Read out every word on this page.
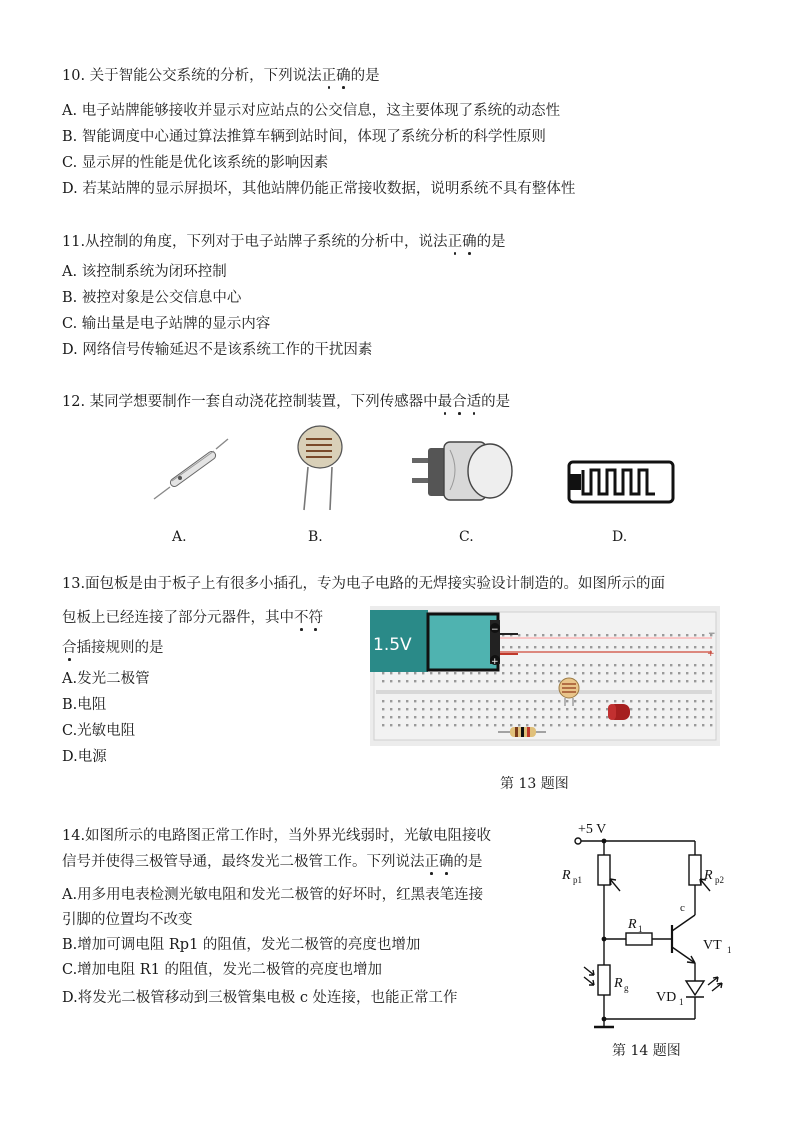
10. 关于智能公交系统的分析，下列说法正确的是
A. 电子站牌能够接收并显示对应站点的公交信息，这主要体现了系统的动态性
B. 智能调度中心通过算法推算车辆到站时间，体现了系统分析的科学性原则
C. 显示屏的性能是优化该系统的影响因素
D. 若某站牌的显示屏损坏，其他站牌仍能正常接收数据，说明系统不具有整体性
11.从控制的角度，下列对于电子站牌子系统的分析中，说法正确的是
A. 该控制系统为闭环控制
B. 被控对象是公交信息中心
C. 输出量是电子站牌的显示内容
D. 网络信号传输延迟不是该系统工作的干扰因素
12. 某同学想要制作一套自动浇花控制装置，下列传感器中最合适的是
A.	B.	C.	D.
13.面包板是由于板子上有很多小插孔，专为电子电路的无焊接实验设计制造的。如图所示的面
包板上已经连接了部分元器件，其中不符
合插接规则的是
A.发光二极管
B.电阻
C.光敏电阻
D.电源
1.5V
−
+
−
+
第 13 题图
14.如图所示的电路图正常工作时，当外界光线弱时，光敏电阻接收
信号并使得三极管导通，最终发光二极管工作。下列说法正确的是
A.用多用电表检测光敏电阻和发光二极管的好坏时，红黑表笔连接
引脚的位置均不改变
B.增加可调电阻 Rp1 的阻值，发光二极管的亮度也增加
C.增加电阻 R1 的阻值，发光二极管的亮度也增加
D.将发光二极管移动到三极管集电极 c 处连接，也能正常工作
+5 V
R p1	R p2
c
R 1
VT 1
R g
VD 1
第 14 题图
